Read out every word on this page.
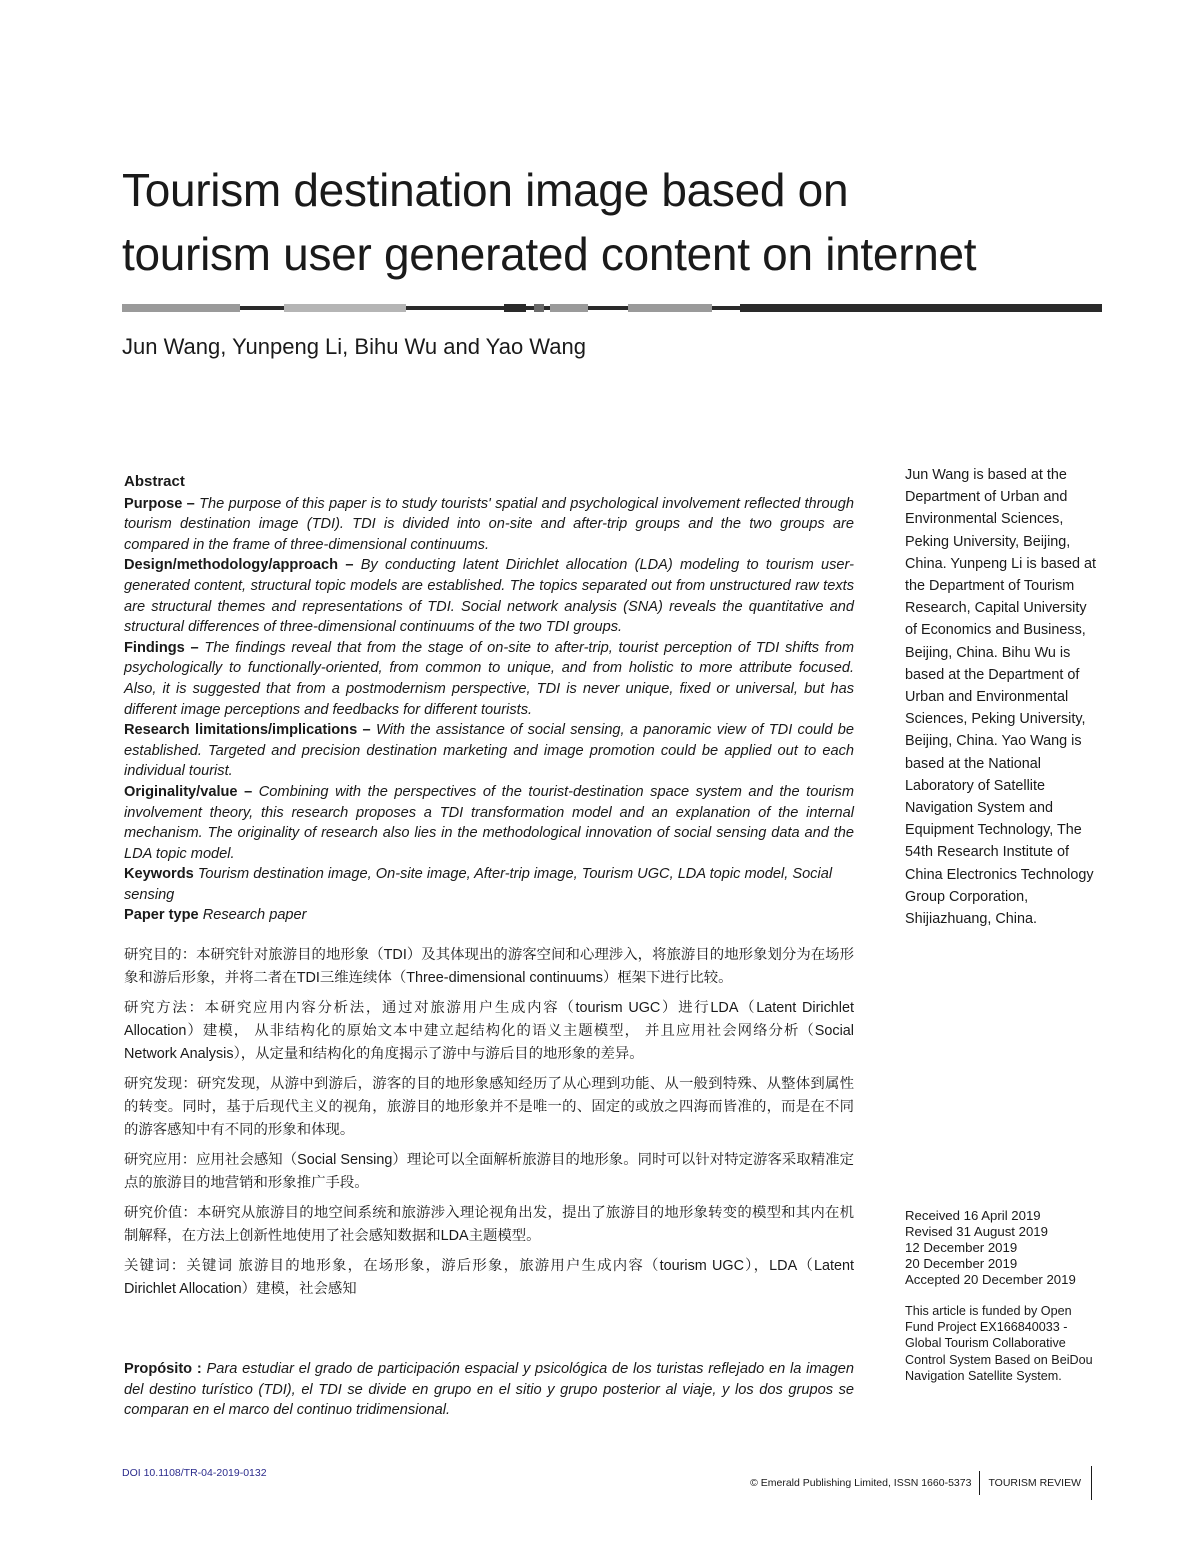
Tourism destination image based on
tourism user generated content on internet
Jun Wang, Yunpeng Li, Bihu Wu and Yao Wang

Abstract

Purpose – The purpose of this paper is to study tourists' spatial and psychological involvement reflected through tourism destination image (TDI). TDI is divided into on-site and after-trip groups and the two groups are compared in the frame of three-dimensional continuums.

Design/methodology/approach – By conducting latent Dirichlet allocation (LDA) modeling to tourism user-generated content, structural topic models are established. The topics separated out from unstructured raw texts are structural themes and representations of TDI. Social network analysis (SNA) reveals the quantitative and structural differences of three-dimensional continuums of the two TDI groups.

Findings – The findings reveal that from the stage of on-site to after-trip, tourist perception of TDI shifts from psychologically to functionally-oriented, from common to unique, and from holistic to more attribute focused. Also, it is suggested that from a postmodernism perspective, TDI is never unique, fixed or universal, but has different image perceptions and feedbacks for different tourists.

Research limitations/implications – With the assistance of social sensing, a panoramic view of TDI could be established. Targeted and precision destination marketing and image promotion could be applied out to each individual tourist.

Originality/value – Combining with the perspectives of the tourist-destination space system and the tourism involvement theory, this research proposes a TDI transformation model and an explanation of the internal mechanism. The originality of research also lies in the methodological innovation of social sensing data and the LDA topic model.

Keywords Tourism destination image, On-site image, After-trip image, Tourism UGC, LDA topic model, Social sensing

Paper type Research paper

研究目的：本研究针对旅游目的地形象（TDI）及其体现出的游客空间和心理涉入，将旅游目的地形象划分为在场形象和游后形象，并将二者在TDI三维连续体（Three-dimensional continuums）框架下进行比较。

研究方法：本研究应用内容分析法，通过对旅游用户生成内容（tourism UGC）进行LDA（Latent Dirichlet Allocation）建模， 从非结构化的原始文本中建立起结构化的语义主题模型， 并且应用社会网络分析（Social Network Analysis），从定量和结构化的角度揭示了游中与游后目的地形象的差异。

研究发现：研究发现，从游中到游后，游客的目的地形象感知经历了从心理到功能、从一般到特殊、从整体到属性的转变。同时，基于后现代主义的视角，旅游目的地形象并不是唯一的、固定的或放之四海而皆准的，而是在不同的游客感知中有不同的形象和体现。

研究应用：应用社会感知（Social Sensing）理论可以全面解析旅游目的地形象。同时可以针对特定游客采取精准定点的旅游目的地营销和形象推广手段。

研究价值：本研究从旅游目的地空间系统和旅游涉入理论视角出发，提出了旅游目的地形象转变的模型和其内在机制解释，在方法上创新性地使用了社会感知数据和LDA主题模型。

关键词：关键词 旅游目的地形象，在场形象，游后形象，旅游用户生成内容（tourism UGC），LDA（Latent Dirichlet Allocation）建模，社会感知

Propósito : Para estudiar el grado de participación espacial y psicológica de los turistas reflejado en la imagen del destino turístico (TDI), el TDI se divide en grupo en el sitio y grupo posterior al viaje, y los dos grupos se comparan en el marco del continuo tridimensional.

Jun Wang is based at the Department of Urban and Environmental Sciences, Peking University, Beijing, China. Yunpeng Li is based at the Department of Tourism Research, Capital University of Economics and Business, Beijing, China. Bihu Wu is based at the Department of Urban and Environmental Sciences, Peking University, Beijing, China. Yao Wang is based at the National Laboratory of Satellite Navigation System and Equipment Technology, The 54th Research Institute of China Electronics Technology Group Corporation, Shijiazhuang, China.
Received 16 April 2019
Revised 31 August 2019
12 December 2019
20 December 2019
Accepted 20 December 2019
This article is funded by Open Fund Project EX166840033 - Global Tourism Collaborative Control System Based on BeiDou Navigation Satellite System.
DOI 10.1108/TR-04-2019-0132
© Emerald Publishing Limited, ISSN 1660-5373 TOURISM REVIEW
